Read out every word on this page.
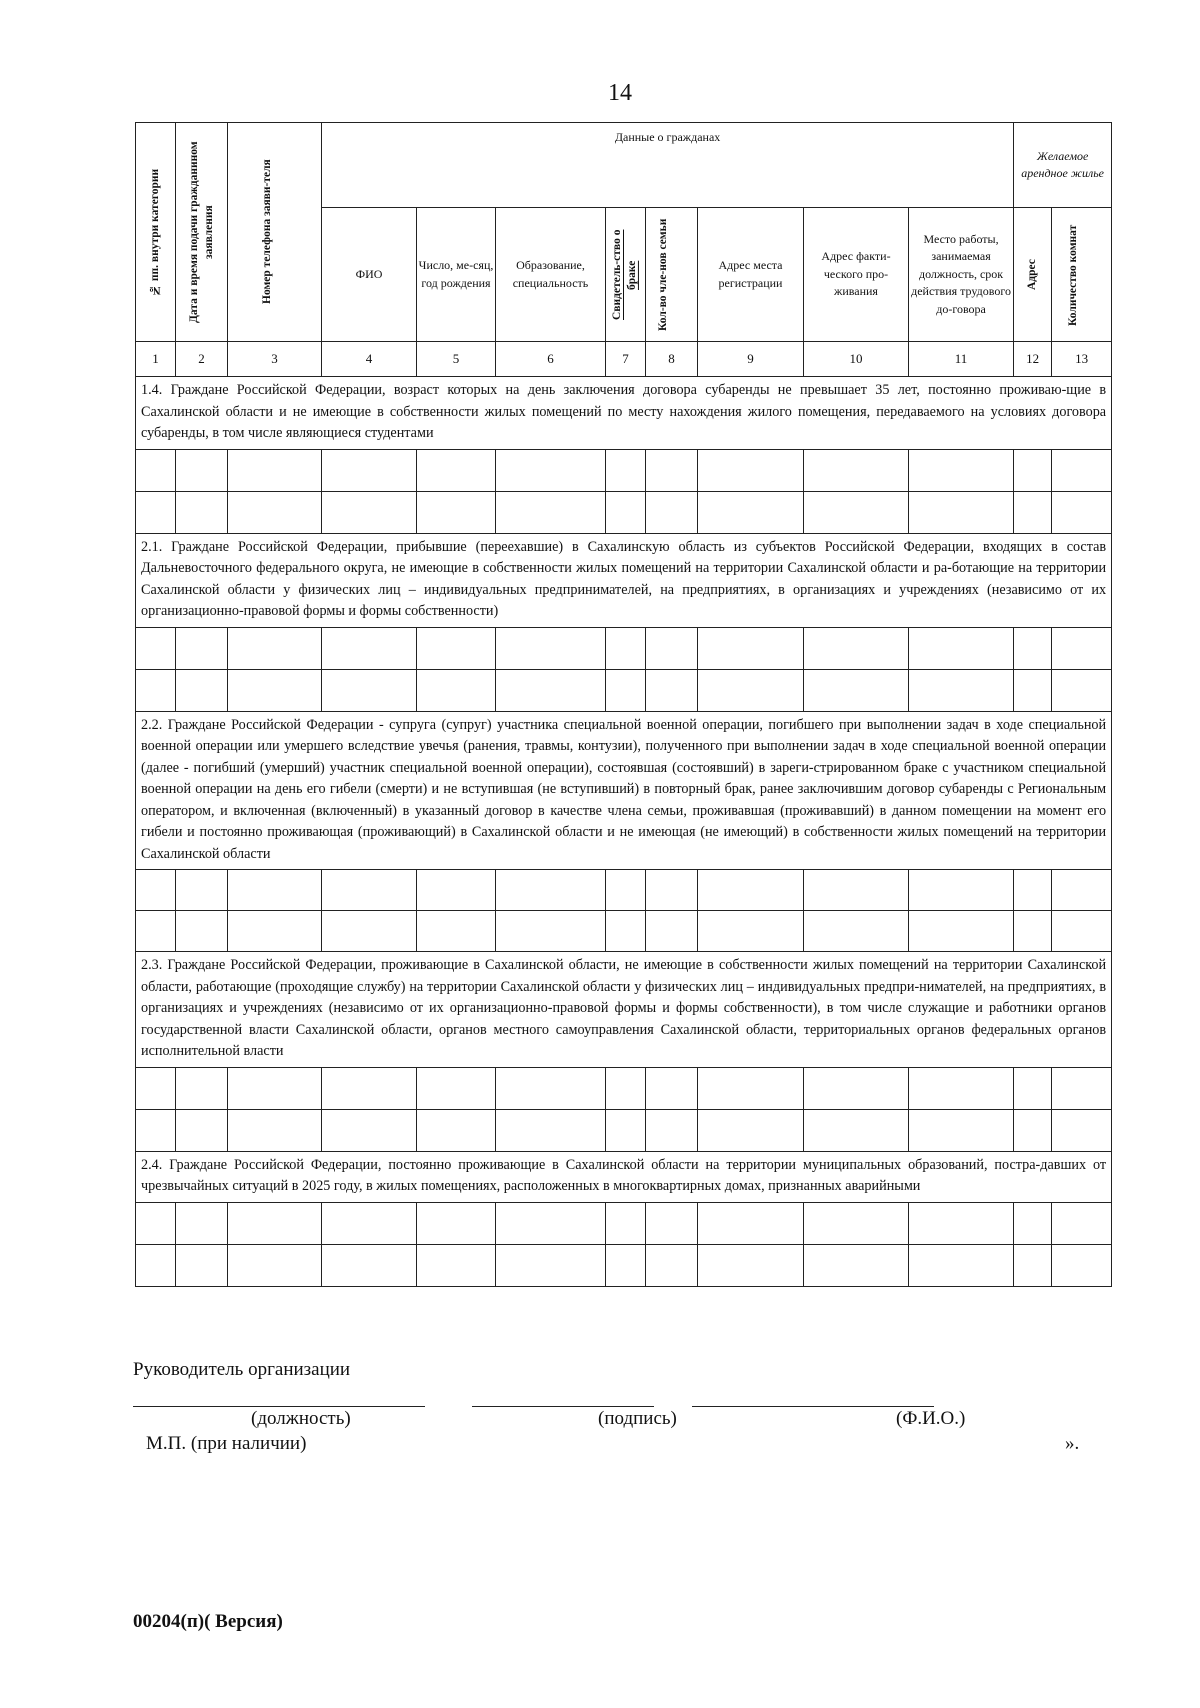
14
№ пп. внутри категории	Дата и время подачи гражданином заявления	Номер телефона заяви-теля	Данные о гражданах								Желаемое арендное жилье	
			ФИО	Число, ме-сяц, год рождения	Образование, специальность	Свидетель-ство о браке	Кол-во чле-нов семьи	Адрес места регистрации	Адрес факти-ческого про-живания	Место работы, занимаемая должность, срок действия трудового до-говора	Адрес	Количество комнат

1	2	3	4	5	6	7	8	9	10	11	12	13
1.4. Граждане Российской Федерации, возраст которых на день заключения договора субаренды не превышает 35 лет, постоянно проживаю-щие в Сахалинской области и не имеющие в собственности жилых помещений по месту нахождения жилого помещения, передаваемого на условиях договора субаренды, в том числе являющиеся студентами												

2.1. Граждане Российской Федерации, прибывшие (переехавшие) в Сахалинскую область из субъектов Российской Федерации, входящих в состав Дальневосточного федерального округа, не имеющие в собственности жилых помещений на территории Сахалинской области и ра-ботающие на территории Сахалинской области у физических лиц – индивидуальных предпринимателей, на предприятиях, в организациях и учреждениях (независимо от их организационно-правовой формы и формы собственности)												

2.2. Граждане Российской Федерации - супруга (супруг) участника специальной военной операции, погибшего при выполнении задач в ходе специальной военной операции или умершего вследствие увечья (ранения, травмы, контузии), полученного при выполнении задач в ходе специальной военной операции (далее - погибший (умерший) участник специальной военной операции), состоявшая (состоявший) в зареги-стрированном браке с участником специальной военной операции на день его гибели (смерти) и не вступившая (не вступивший) в повторный брак, ранее заключившим договор субаренды с Региональным оператором, и включенная (включенный) в указанный договор в качестве члена семьи, проживавшая (проживавший) в данном помещении на момент его гибели и постоянно проживающая (проживающий) в Сахалинской области и не имеющая (не имеющий) в собственности жилых помещений на территории Сахалинской области												

2.3. Граждане Российской Федерации, проживающие в Сахалинской области, не имеющие в собственности жилых помещений на территории Сахалинской области, работающие (проходящие службу) на территории Сахалинской области у физических лиц – индивидуальных предпри-нимателей, на предприятиях, в организациях и учреждениях (независимо от их организационно-правовой формы и формы собственности), в том числе служащие и работники органов государственной власти Сахалинской области, органов местного самоуправления Сахалинской области, территориальных органов федеральных органов исполнительной власти												

2.4. Граждане Российской Федерации, постоянно проживающие в Сахалинской области на территории муниципальных образований, постра-давших от чрезвычайных ситуаций в 2025 году, в жилых помещениях, расположенных в многоквартирных домах, признанных аварийными												

Руководитель организации
(должность)	(подпись)	(Ф.И.О.)
М.П. (при наличии)	».
00204(п)( Версия)
